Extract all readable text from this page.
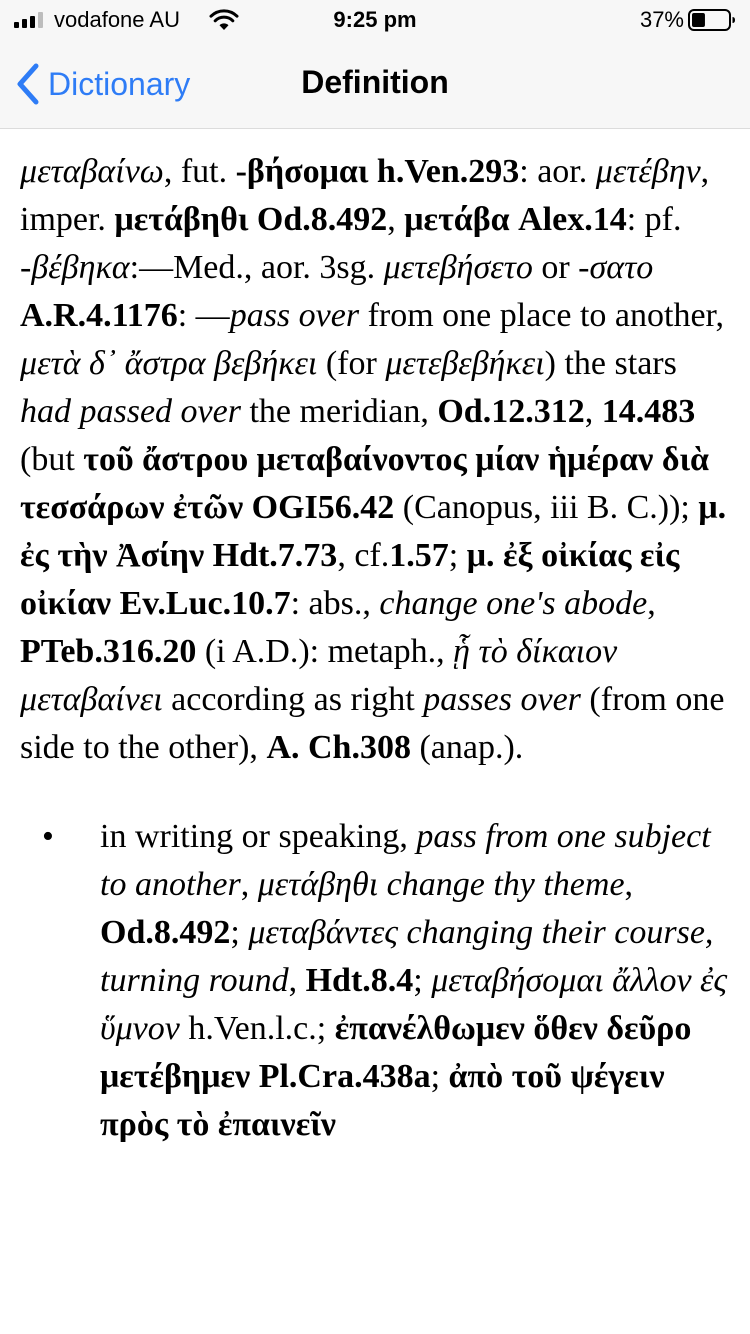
vodafone AU	9:25 pm	37%
Dictionary	Definition

μεταβαίνω, fut. -βήσομαι h.Ven.293: aor. μετέβην, imper. μετάβηθι Od.8.492, μετάβα Alex.14: pf. -βέβηκα:—Med., aor. 3sg. μετεβήσετο or -σατο A.R.4.1176: —pass over from one place to another, μετὰ δ᾽ ἄστρα βεβήκει (for μετεβεβήκει) the stars had passed over the meridian, Od.12.312, 14.483 (but τοῦ ἄστρου μεταβαίνοντος μίαν ἡμέραν διὰ τεσσάρων ἐτῶν OGI56.42 (Canopus, iii B. C.)); μ. ἐς τὴν Ἀσίην Hdt.7.73, cf.1.57; μ. ἐξ οἰκίας εἰς οἰκίαν Ev.Luc.10.7: abs., change one's abode, PTeb.316.20 (i A.D.): metaph., ᾗ τὸ δίκαιον μεταβαίνει according as right passes over (from one side to the other), A. Ch.308 (anap.).

• in writing or speaking, pass from one subject to another, μετάβηθι change thy theme, Od.8.492; μεταβάντες changing their course, turning round, Hdt.8.4; μεταβήσομαι ἄλλον ἐς ὕμνον h.Ven.l.c.; ἐπανέλθωμεν ὅθεν δεῦρο μετέβημεν Pl.Cra.438a; ἀπὸ τοῦ ψέγειν πρὸς τὸ ἐπαινεῖν
